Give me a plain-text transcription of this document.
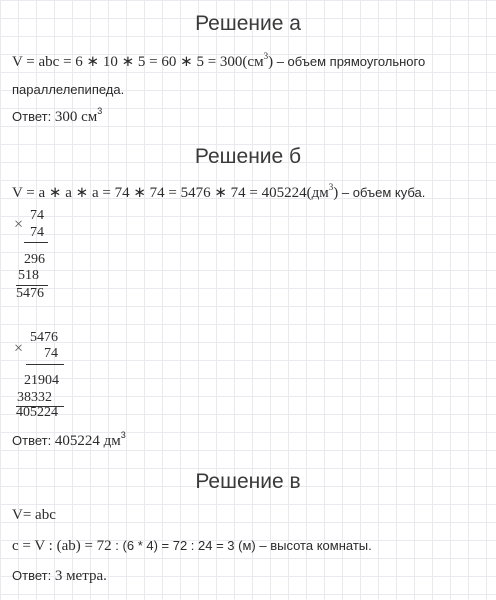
Решение а
V = abc = 6 ∗ 10 ∗ 5 = 60 ∗ $5 = 300(см^3)$ – объем прямоугольного
параллелепипеда.
Ответ: 300 $см^3$
Решение б
V = a ∗ a ∗ a = 74 ∗ 74 = 5476 ∗ $74 = 405224(дм^3)$ – объем куба.
×
74
74
296
518
5476
×
5476
74
21904
38332
405224
Ответ: 405224 $дм^3$
Решение в
V= abc
c = V : (ab) = 72 : (6 * 4) = 72 : 24 = 3 (м) – высота комнаты.
Ответ: 3 метра.
